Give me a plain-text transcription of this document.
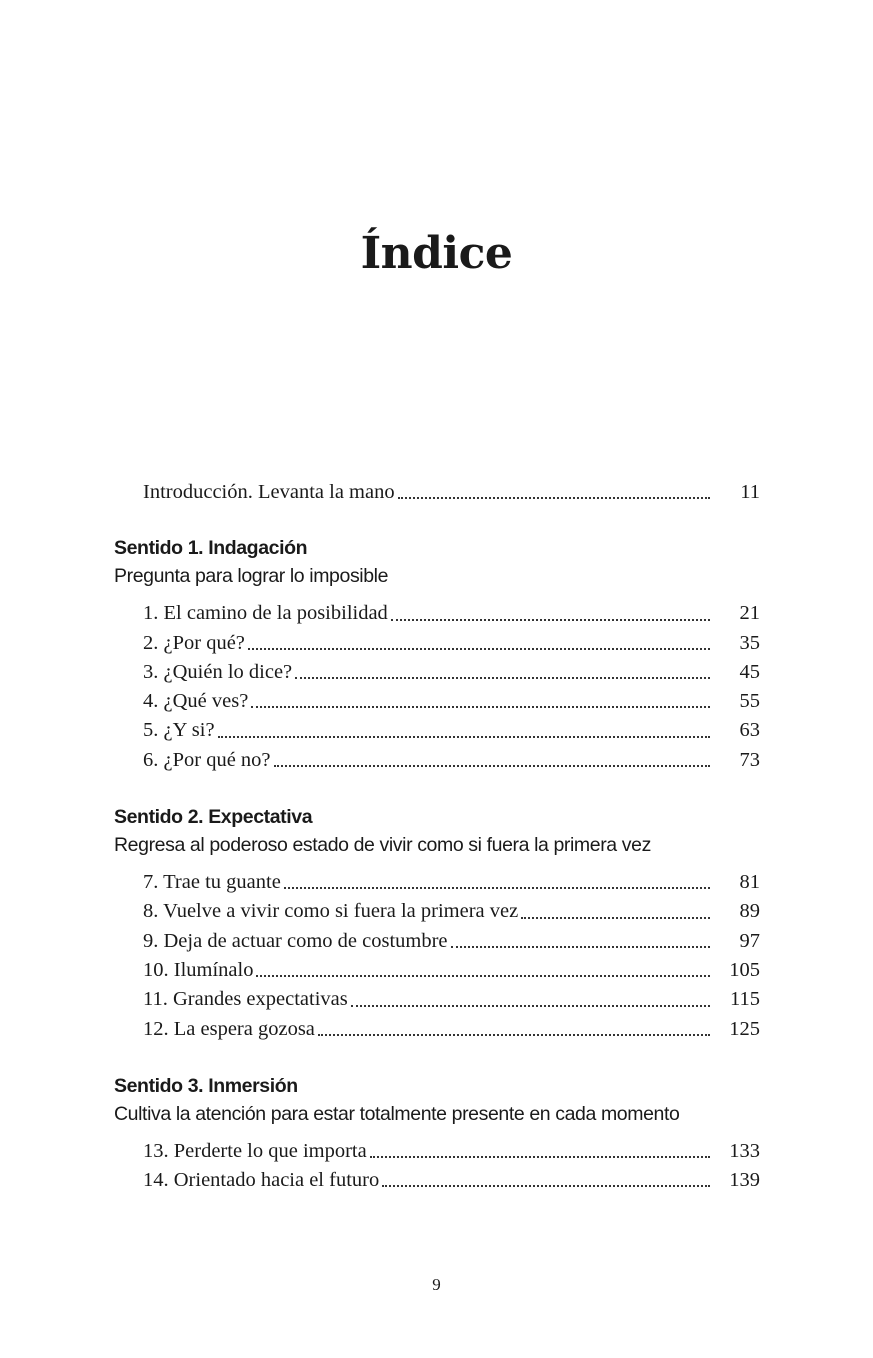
Índice
Introducción. Levanta la mano	11

Sentido 1. Indagación

Pregunta para lograr lo imposible

1. El camino de la posibilidad	21
2. ¿Por qué?	35
3. ¿Quién lo dice?	45
4. ¿Qué ves?	55
5. ¿Y si?	63
6. ¿Por qué no?	73

Sentido 2. Expectativa

Regresa al poderoso estado de vivir como si fuera la primera vez

7. Trae tu guante	81
8. Vuelve a vivir como si fuera la primera vez	89
9. Deja de actuar como de costumbre	97
10. Ilumínalo	105
11. Grandes expectativas	115
12. La espera gozosa	125

Sentido 3. Inmersión

Cultiva la atención para estar totalmente presente en cada momento

13. Perderte lo que importa	133
14. Orientado hacia el futuro	139
9
